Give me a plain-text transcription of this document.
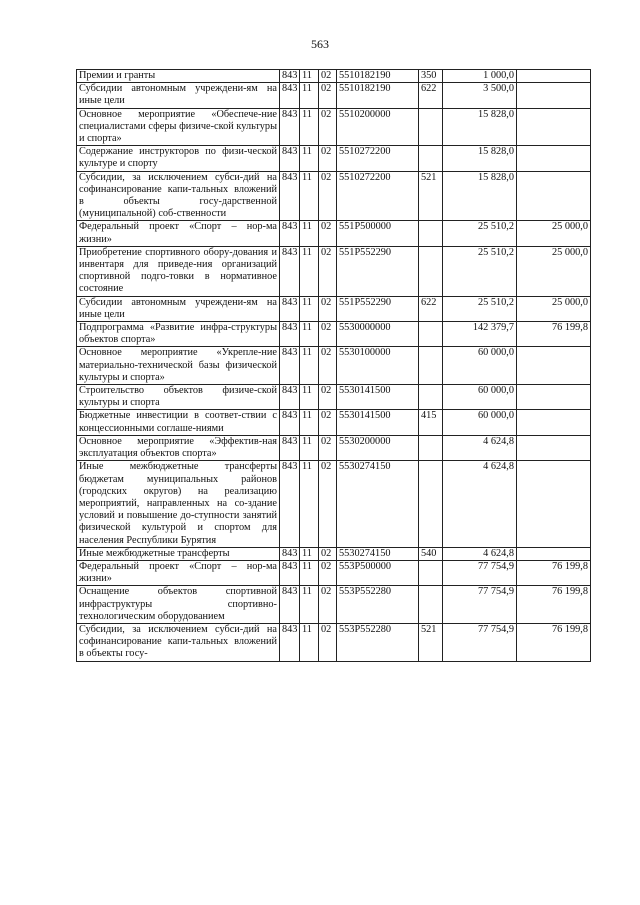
563
Премии и гранты	843	11	02	5510182190	350	1 000,0	
Субсидии автономным учреждени-ям на иные цели	843	11	02	5510182190	622	3 500,0	
Основное мероприятие «Обеспече-ние специалистами сферы физиче-ской культуры и спорта»	843	11	02	5510200000		15 828,0	
Содержание инструкторов по физи-ческой культуре и спорту	843	11	02	5510272200		15 828,0	
Субсидии, за исключением субси-дий на софинансирование капи-тальных вложений в объекты госу-дарственной (муниципальной) соб-ственности	843	11	02	5510272200	521	15 828,0	
Федеральный проект «Спорт – нор-ма жизни»	843	11	02	551P500000		25 510,2	25 000,0
Приобретение спортивного обору-дования и инвентаря для приведе-ния организаций спортивной подго-товки в нормативное состояние	843	11	02	551P552290		25 510,2	25 000,0
Субсидии автономным учреждени-ям на иные цели	843	11	02	551P552290	622	25 510,2	25 000,0
Подпрограмма «Развитие инфра-структуры объектов спорта»	843	11	02	5530000000		142 379,7	76 199,8
Основное мероприятие «Укрепле-ние материально-технической базы физической культуры и спорта»	843	11	02	5530100000		60 000,0	
Строительство объектов физиче-ской культуры и спорта	843	11	02	5530141500		60 000,0	
Бюджетные инвестиции в соответ-ствии с концессионными соглаше-ниями	843	11	02	5530141500	415	60 000,0	
Основное мероприятие «Эффектив-ная эксплуатация объектов спорта»	843	11	02	5530200000		4 624,8	
Иные межбюджетные трансферты бюджетам муниципальных районов (городских округов) на реализацию мероприятий, направленных на со-здание условий и повышение до-ступности занятий физической культурой и спортом для населения Республики Бурятия	843	11	02	5530274150		4 624,8	
Иные межбюджетные трансферты	843	11	02	5530274150	540	4 624,8	
Федеральный проект «Спорт – нор-ма жизни»	843	11	02	553P500000		77 754,9	76 199,8
Оснащение объектов спортивной инфраструктуры спортивно-технологическим оборудованием	843	11	02	553P552280		77 754,9	76 199,8
Субсидии, за исключением субси-дий на софинансирование капи-тальных вложений в объекты госу-	843	11	02	553P552280	521	77 754,9	76 199,8
